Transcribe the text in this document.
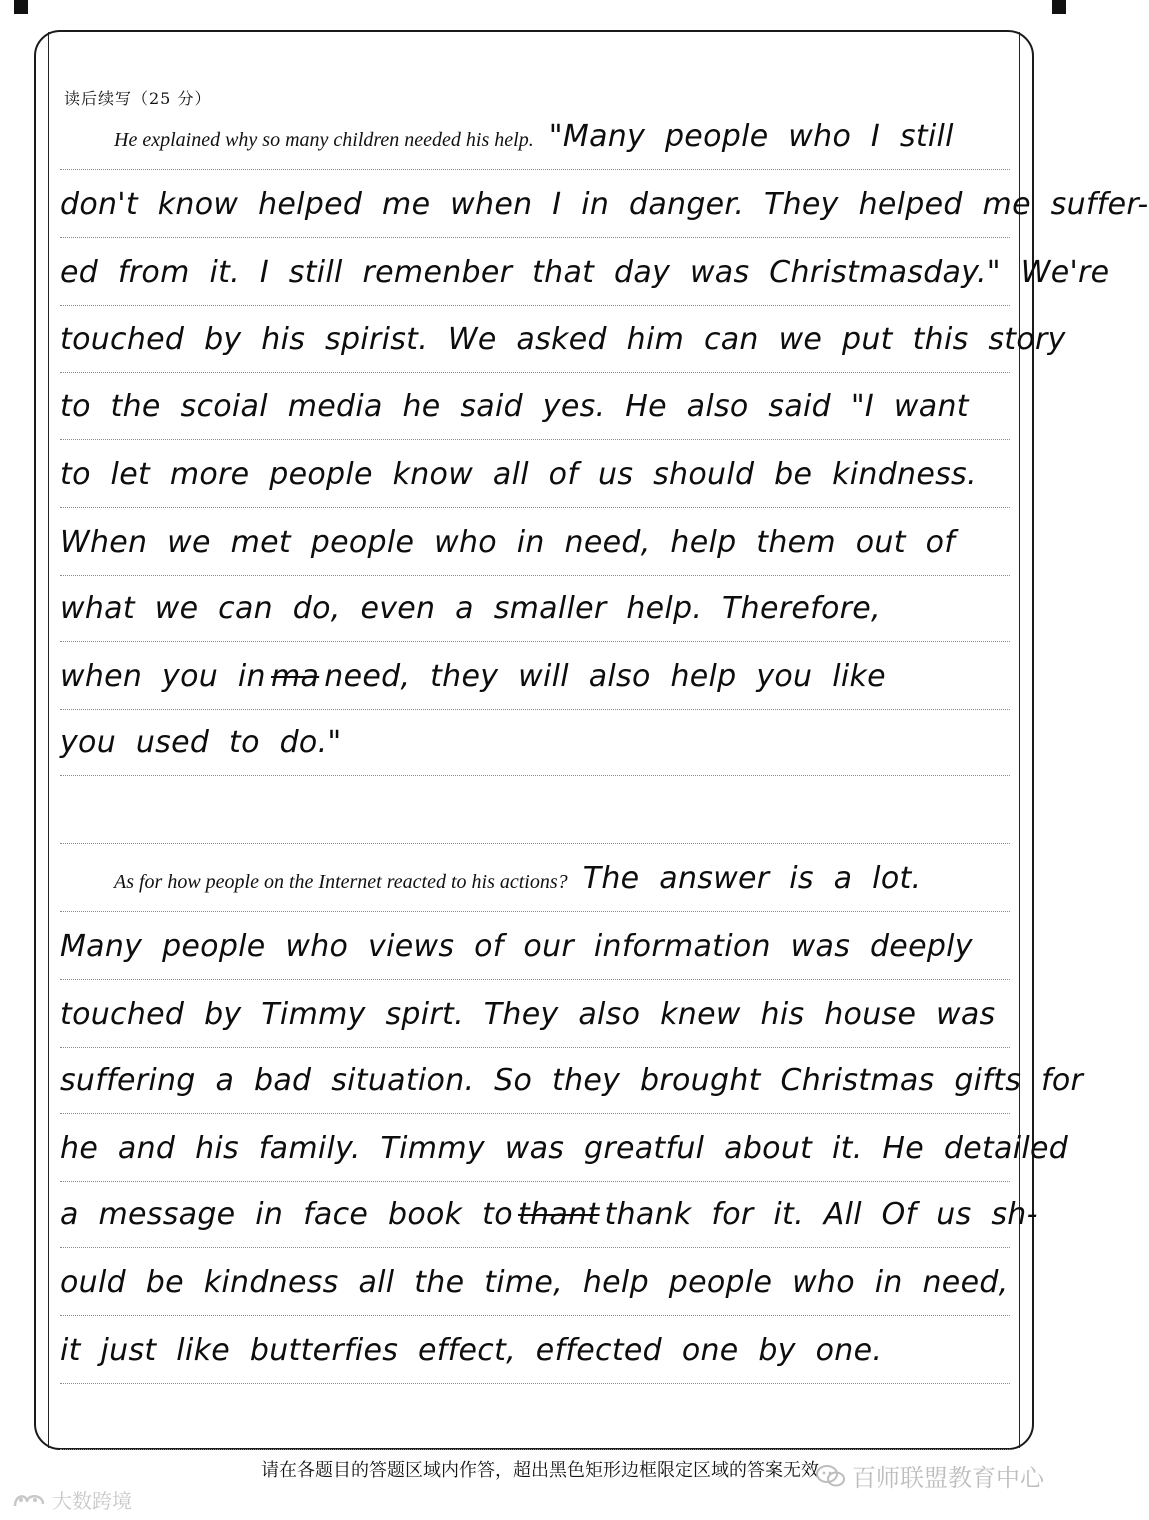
读后续写（25 分）
He explained why so many children needed his help. "Many people who I still
don't know helped me when I in danger. They helped me suffer-
ed from it. I still remenber that day was Christmasday." We're
touched by his spirist. We asked him can we put this story
to the scoial media he said yes. He also said "I want
to let more people know all of us should be kindness.
When we met people who in need, help them out of
what we can do, even a smaller help. Therefore,
when you in ma need, they will also help you like
you used to do."
As for how people on the Internet reacted to his actions? The answer is a lot.
Many people who views of our information was deeply
touched by Timmy spirt. They also knew his house was
suffering a bad situation. So they brought Christmas gifts for
he and his family. Timmy was greatful about it. He detailed
a message in face book to thant thank for it. All Of us sh-
ould be kindness all the time, help people who in need,
it just like butterfies effect, effected one by one.
请在各题目的答题区域内作答，超出黑色矩形边框限定区域的答案无效
大数跨境
百师联盟教育中心
